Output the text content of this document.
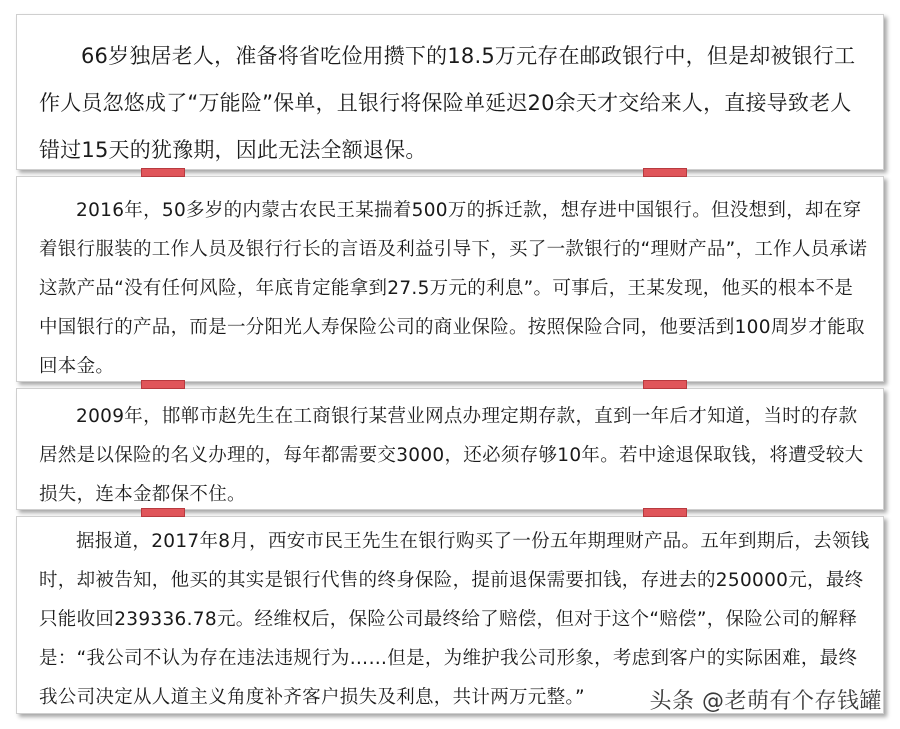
66岁独居老人，准备将省吃俭用攒下的18.5万元存在邮政银行中，但是却被银行工作人员忽悠成了“万能险”保单，且银行将保险单延迟20余天才交给来人，直接导致老人错过15天的犹豫期，因此无法全额退保。

2016年，50多岁的内蒙古农民王某揣着500万的拆迁款，想存进中国银行。但没想到，却在穿着银行服装的工作人员及银行行长的言语及利益引导下，买了一款银行的“理财产品”，工作人员承诺这款产品“没有任何风险，年底肯定能拿到27.5万元的利息”。可事后，王某发现，他买的根本不是中国银行的产品，而是一分阳光人寿保险公司的商业保险。按照保险合同，他要活到100周岁才能取回本金。

2009年，邯郸市赵先生在工商银行某营业网点办理定期存款，直到一年后才知道，当时的存款居然是以保险的名义办理的，每年都需要交3000，还必须存够10年。若中途退保取钱，将遭受较大损失，连本金都保不住。

据报道，2017年8月，西安市民王先生在银行购买了一份五年期理财产品。五年到期后，去领钱时，却被告知，他买的其实是银行代售的终身保险，提前退保需要扣钱，存进去的250000元，最终只能收回239336.78元。经维权后，保险公司最终给了赔偿，但对于这个“赔偿”，保险公司的解释是：“我公司不认为存在违法违规行为……但是，为维护我公司形象，考虑到客户的实际困难，最终我公司决定从人道主义角度补齐客户损失及利息，共计两万元整。”	头条 @老萌有个存钱罐
